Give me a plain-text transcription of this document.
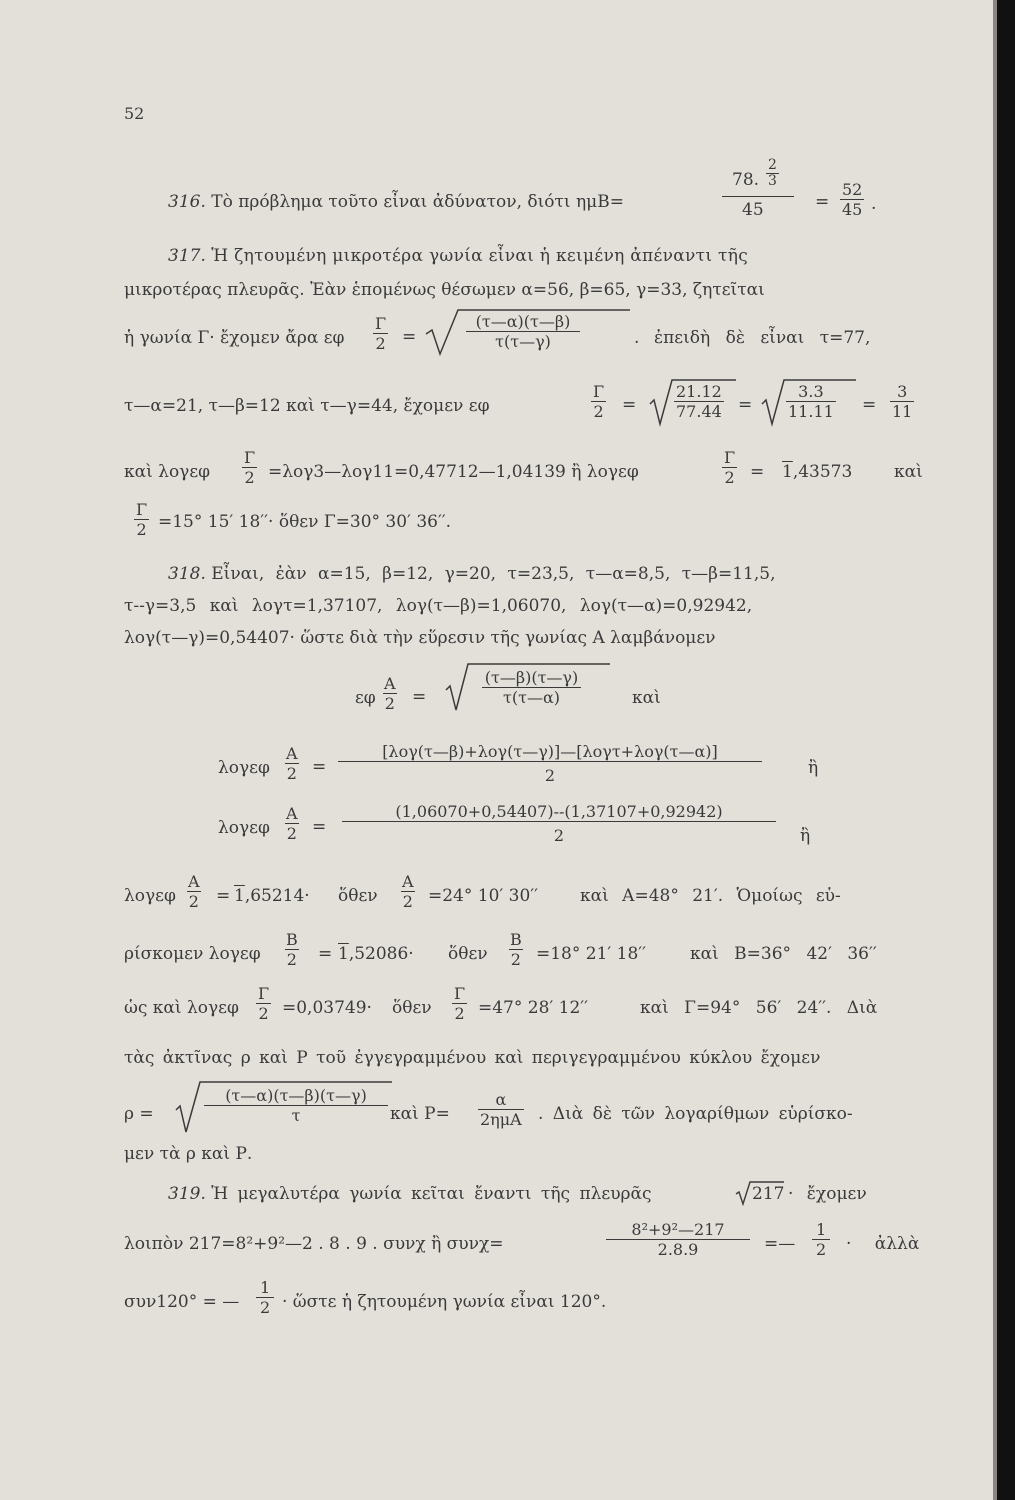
52
316. Τὸ πρόβλημα τοῦτο εἶναι ἀδύνατον, διότι ημB=
78. $\frac{2}{3}$
45	= $\frac{52}{45}$ .
317. Ἡ ζητουμένη μικροτέρα γωνία εἶναι ἡ κειμένη ἀπέναντι τῆς
μικροτέρας πλευρᾶς. Ἐὰν ἑπομένως θέσωμεν α=56, β=65, γ=33, ζητεῖται
ἡ γωνία Γ· ἔχομεν ἄρα εφ $\frac{\Gamma}{2}$ =	$\frac{(\tau—\alpha)(\tau—\beta)}{\tau(\tau—\gamma)}$	. ἐπειδὴ δὲ εἶναι τ=77,
τ—α=21, τ—β=12 καὶ τ—γ=44, ἔχομεν εφ	$\frac{\Gamma}{2} = \frac{21.12}{77.44} = \frac{3.3}{11.11} = \frac{3}{11}$
καὶ λογεφ $\frac{\Gamma}{2}$ =λογ3—λογ11=0,47712—1,04139 ἢ λογεφ	$\frac{\Gamma}{2} = 1,43573$ καὶ
$\frac{\Gamma}{2} =15^\circ$ 15′ 18′′· ὅθεν Γ=30° 30′ 36′′.
318. Εἶναι, ἐὰν α=15, β=12, γ=20, τ=23,5, τ—α=8,5, τ—β=11,5,
τ--γ=3,5 καὶ λογτ=1,37107, λογ(τ—β)=1,06070, λογ(τ—α)=0,92942,
λογ(τ—γ)=0,54407· ὥστε διὰ τὴν εὕρεσιν τῆς γωνίας Α λαμβάνομεν
εφ $\frac{A}{2}$ =	$\frac{(\tau—\beta)(\tau—\gamma)}{\tau(\tau—\alpha)}$	καὶ
λογεφ $\frac{A}{2}$ =
[λογ(τ—β)+λογ(τ—γ)]—[λογτ+λογ(τ—α)]
2	ἢ
λογεφ $\frac{A}{2} = \frac{(1,06070+0,54407)--(1,37107+0,92942)}{2}$ ἢ
λογεφ $\frac{A}{2} = 1,65214\cdot$ ὅθεν $\frac{A}{2} =24^\circ$ 10′ 30′′ καὶ Α=48° 21′. Ὁμοίως εὑ-
ρίσκομεν λογεφ $\frac{B}{2} = 1,52086\cdot$ ὅθεν $\frac{B}{2} =18^\circ$ 21′ 18′′	καὶ Β=36° 42′ 36′′
ὡς καὶ λογεφ $\frac{\Gamma}{2} =0,03749\cdot$ ὅθεν $\frac{\Gamma}{2} =47^\circ$ 28′ 12′′	καὶ Γ=94° 56′ 24′′. Διὰ
τὰς ἀκτῖνας ρ καὶ Ρ τοῦ ἐγγεγραμμένου καὶ περιγεγραμμένου κύκλου ἔχομεν
ρ =	$\frac{(\tau—\alpha)(\tau—\beta)(\tau—\gamma)}{\tau}$ καὶ Ρ=
α
2ημΑ . Διὰ δὲ τῶν λογαρίθμων εὑρίσκο-
μεν τὰ ρ καὶ Ρ.
319. Ἡ μεγαλυτέρα γωνία κεῖται ἔναντι τῆς πλευρᾶς	217 · ἔχομεν
λοιπὸν 217=8²+9²—2 . 8 . 9 . συνχ ἢ συνχ=	$\frac{\text{8²+9²—217}}{2.8.9}$ =— $\frac{1}{2}$ · ἀλλὰ
συν120° = — $\frac{1}{2}$ · ὥστε ἡ ζητουμένη γωνία εἶναι 120°.
